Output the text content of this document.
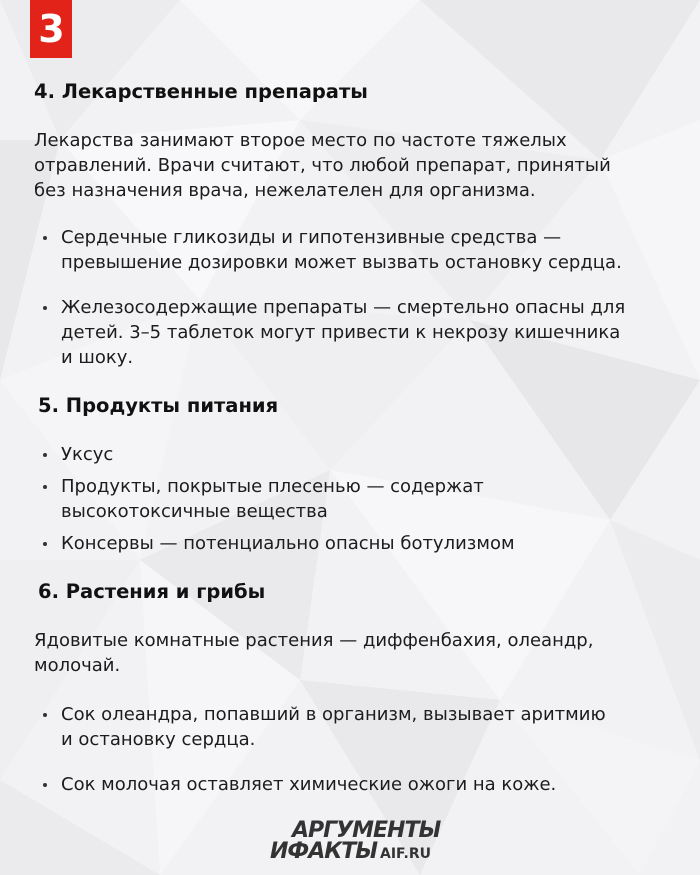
3
4. Лекарственные препараты
Лекарства занимают второе место по частоте тяжелых
отравлений. Врачи считают, что любой препарат, принятый
без назначения врача, нежелателен для организма.
Сердечные гликозиды и гипотензивные средства —
превышение дозировки может вызвать остановку сердца.
Железосодержащие препараты — смертельно опасны для
детей. 3–5 таблеток могут привести к некрозу кишечника
и шоку.
5. Продукты питания
Уксус
Продукты, покрытые плесенью — содержат
высокотоксичные вещества
Консервы — потенциально опасны ботулизмом
6. Растения и грибы
Ядовитые комнатные растения — диффенбахия, олеандр,
молочай.
Сок олеандра, попавший в организм, вызывает аритмию
и остановку сердца.
Сок молочая оставляет химические ожоги на коже.
АРГУМЕНТЫ
ИФАКТЫ AIF.RU
